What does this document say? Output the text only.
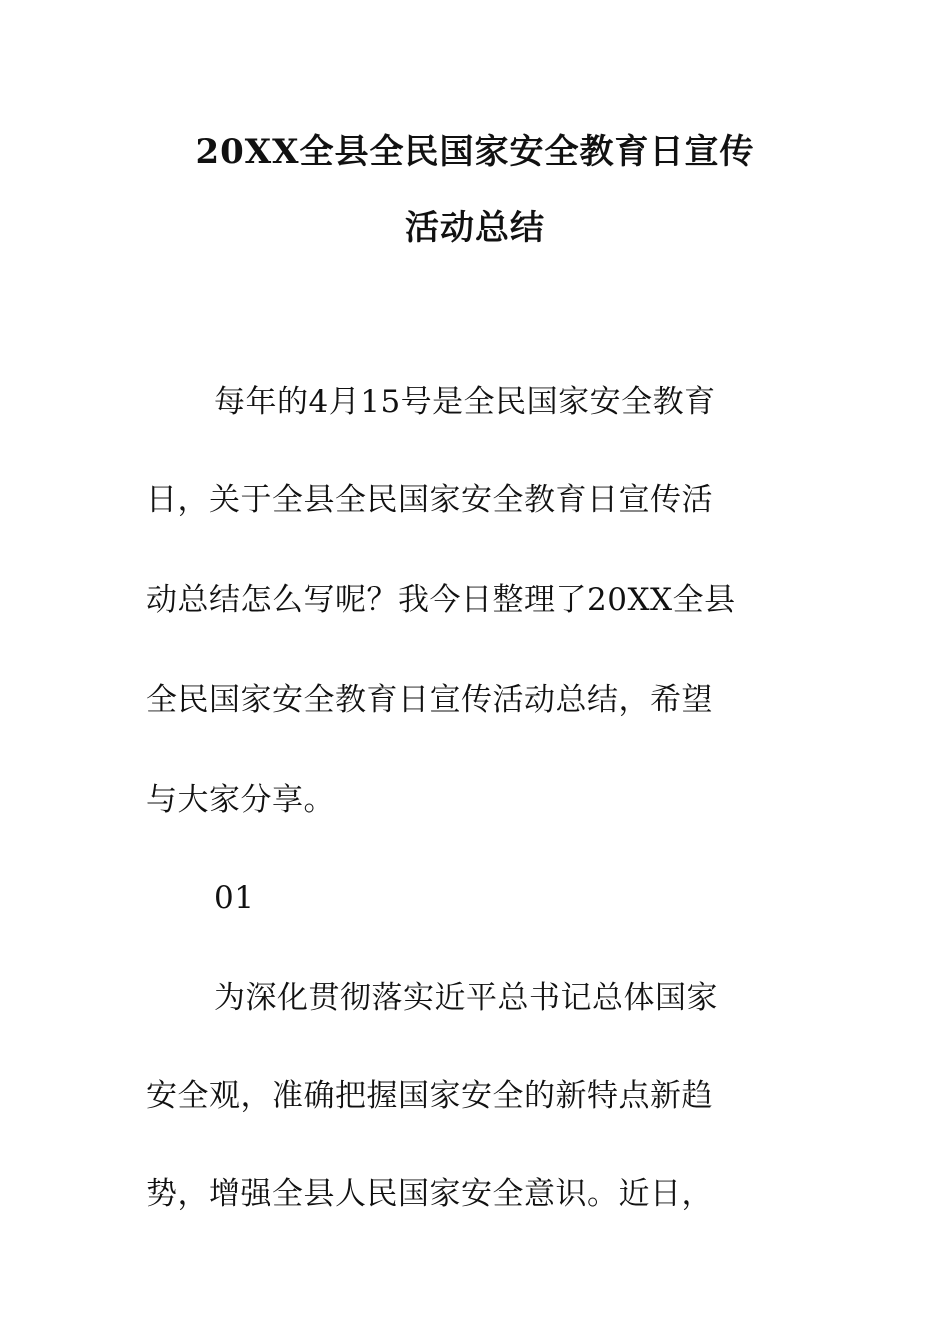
20XX全县全民国家安全教育日宣传
活动总结
每年的4月15号是全民国家安全教育
日，关于全县全民国家安全教育日宣传活
动总结怎么写呢？我今日整理了20XX全县
全民国家安全教育日宣传活动总结，希望
与大家分享。
01
为深化贯彻落实近平总书记总体国家
安全观，准确把握国家安全的新特点新趋
势，增强全县人民国家安全意识。近日，
